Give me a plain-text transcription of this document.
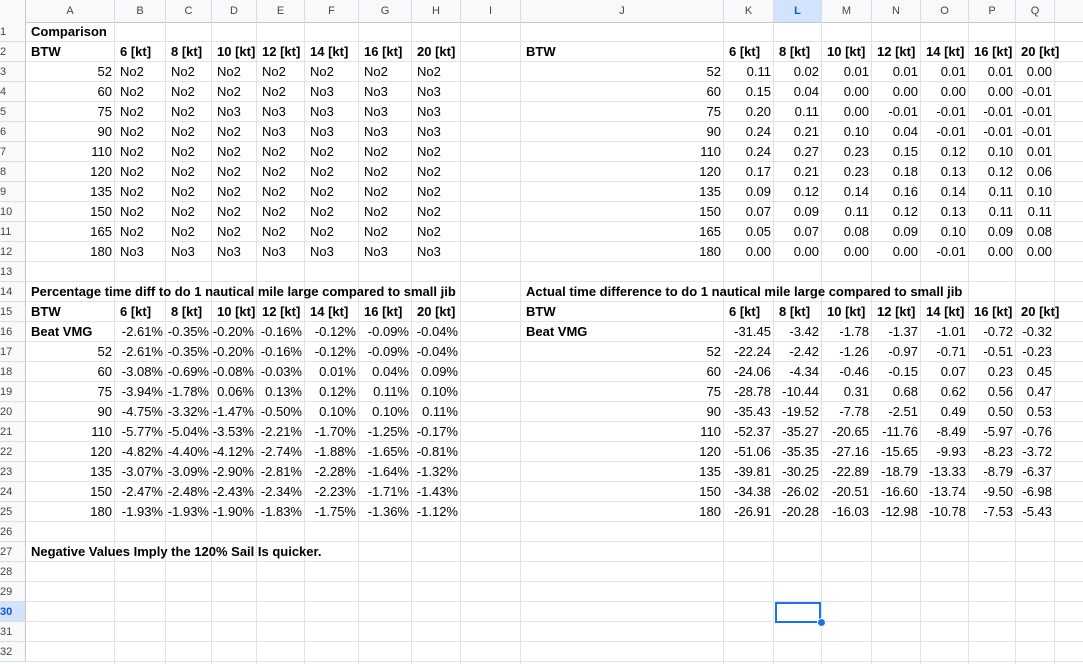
A	B	C	D	E	F	G	H	I	J	K	L	M	N	O	P	Q
1
2
3
4
5
6
7
8
9
10
11
12
13
14
15
16
17
18
19
20
21
22
23
24
25
26
27
28
29
30
31
32
Comparison
BTW	6 [kt] 8 [kt] 10 [kt] 12 [kt] 14 [kt] 16 [kt] 20 [kt]
52 No2 No2 No2 No2 No2 No2 No2
60 No2 No2 No2 No2 No3 No3 No3
75 No2 No2 No3 No3 No3 No3 No3
90 No2 No2 No2 No3 No3 No3 No3
110 No2 No2 No2 No2 No2 No2 No2
120 No2 No2 No2 No2 No2 No2 No2
135 No2 No2 No2 No2 No2 No2 No2
150 No2 No2 No2 No2 No2 No2 No2
165 No2 No2 No2 No2 No2 No2 No2
180 No3 No3 No3 No3 No3 No3 No3
BTW	6 [kt] 8 [kt] 10 [kt] 12 [kt] 14 [kt] 16 [kt] 20 [kt]
52	0.11	0.02	0.01	0.01	0.01	0.01	0.00
60	0.15	0.04	0.00	0.00	0.00	0.00 -0.01
75	0.20	0.11	0.00	-0.01	-0.01	-0.01 -0.01
90	0.24	0.21	0.10	0.04	-0.01	-0.01 -0.01
110	0.24	0.27	0.23	0.15	0.12	0.10	0.01
120	0.17	0.21	0.23	0.18	0.13	0.12	0.06
135	0.09	0.12	0.14	0.16	0.14	0.11	0.10
150	0.07	0.09	0.11	0.12	0.13	0.11	0.11
165	0.05	0.07	0.08	0.09	0.10	0.09	0.08
180	0.00	0.00	0.00	0.00	-0.01	0.00	0.00
Percentage time diff to do 1 nautical mile large compared to small jib
BTW	6 [kt] 8 [kt] 10 [kt] 12 [kt] 14 [kt] 16 [kt] 20 [kt]
Beat VMG	-2.61% -0.35% -0.20% -0.16% -0.12% -0.09% -0.04%
52 -2.61% -0.35% -0.20% -0.16% -0.12% -0.09% -0.04%
60 -3.08% -0.69% -0.08% -0.03%	0.01%	0.04% 0.09%
75 -3.94% -1.78% 0.06% 0.13%	0.12%	0.11% 0.10%
90 -4.75% -3.32% -1.47% -0.50%	0.10%	0.10%	0.11%
110 -5.77% -5.04% -3.53% -2.21% -1.70% -1.25% -0.17%
120 -4.82% -4.40% -4.12% -2.74% -1.88% -1.65% -0.81%
135 -3.07% -3.09% -2.90% -2.81% -2.28% -1.64% -1.32%
150 -2.47% -2.48% -2.43% -2.34% -2.23% -1.71% -1.43%
180 -1.93% -1.93% -1.90% -1.83% -1.75% -1.36% -1.12%
Actual time difference to do 1 nautical mile large compared to small jib
BTW	6 [kt] 8 [kt] 10 [kt] 12 [kt] 14 [kt] 16 [kt] 20 [kt]
Beat VMG	-31.45	-3.42	-1.78	-1.37	-1.01	-0.72 -0.32
52	-22.24	-2.42	-1.26	-0.97	-0.71	-0.51 -0.23
60	-24.06	-4.34	-0.46	-0.15	0.07	0.23	0.45
75	-28.78 -10.44	0.31	0.68	0.62	0.56	0.47
90	-35.43 -19.52	-7.78	-2.51	0.49	0.50	0.53
110	-52.37 -35.27	-20.65	-11.76	-8.49	-5.97 -0.76
120	-51.06 -35.35	-27.16 -15.65	-9.93	-8.23 -3.72
135	-39.81 -30.25	-22.89 -18.79 -13.33	-8.79 -6.37
150	-34.38 -26.02	-20.51 -16.60 -13.74	-9.50 -6.98
180	-26.91 -20.28	-16.03 -12.98 -10.78	-7.53 -5.43
Negative Values Imply the 120% Sail Is quicker.
